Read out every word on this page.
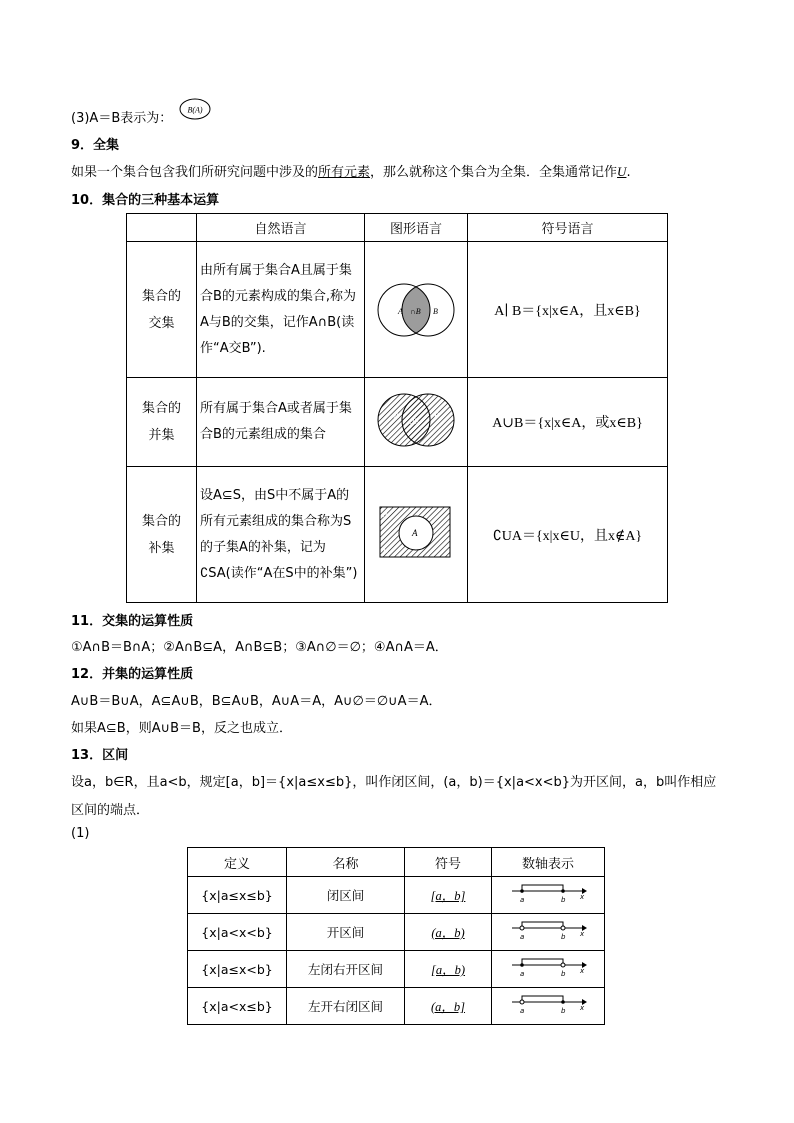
(3)A＝B表示为：
B(A)
9．全集
如果一个集合包含我们所研究问题中涉及的所有元素，那么就称这个集合为全集．全集通常记作U.
10．集合的三种基本运算
	自然语言	图形语言	符号语言
集合的
交集	由所有属于集合A且属于集合B的元素构成的集合,称为A与B的交集，记作A∩B(读作“A交B”).	A ∩B B	A∣ B＝{x|x∈A，且x∈B}
集合的
并集	所有属于集合A或者属于集合B的元素组成的集合	A
∪B
B	A∪B＝{x|x∈A，或x∈B}
集合的
补集	设A⊆S，由S中不属于A的所有元素组成的集合称为S的子集A的补集，记为∁SA(读作“A在S中的补集”)	A
A
U	∁UA＝{x|x∈U，且x∉A}
11．交集的运算性质
①A∩B＝B∩A；②A∩B⊆A，A∩B⊆B；③A∩∅＝∅；④A∩A＝A．
12．并集的运算性质
A∪B＝B∪A，A⊆A∪B，B⊆A∪B，A∪A＝A，A∪∅＝∅∪A＝A．
如果A⊆B，则A∪B＝B，反之也成立．
13．区间
设a，b∈R，且a<b，规定[a，b]＝{x|a≤x≤b}，叫作闭区间，(a，b)＝{x|a<x<b}为开区间，a，b叫作相应
区间的端点．
(1)
定义	名称	符号	数轴表示
{x|a≤x≤b}	闭区间	[a，b]	a b x

{x|a<x<b}	开区间	(a，b)	a b x

{x|a≤x<b}	左闭右开区间	[a，b)	a b x

{x|a<x≤b}	左开右闭区间	(a，b]	a b x
